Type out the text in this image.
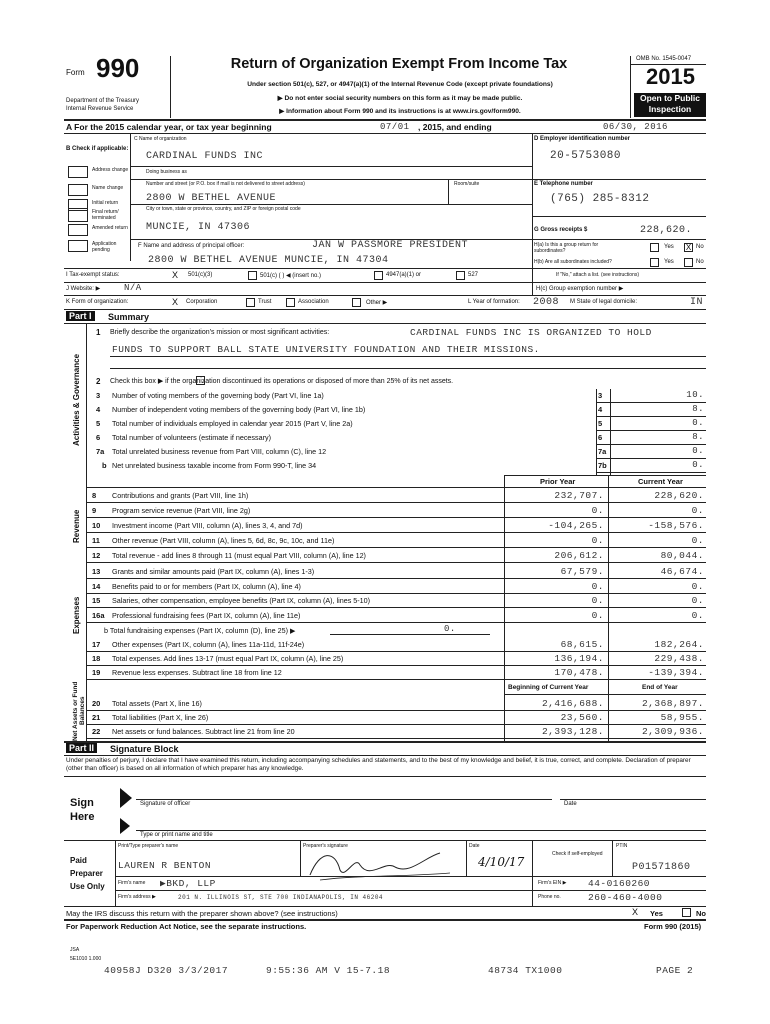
Form 990
Department of the Treasury
Internal Revenue Service
Return of Organization Exempt From Income Tax
Under section 501(c), 527, or 4947(a)(1) of the Internal Revenue Code (except private foundations)
▶ Do not enter social security numbers on this form as it may be made public.
▶ Information about Form 990 and its instructions is at www.irs.gov/form990.
OMB No. 1545-0047
2015
Open to Public
Inspection
A For the 2015 calendar year, or tax year beginning	07/01 , 2015, and ending	06/30, 2016
B Check if applicable:
Address change
Name change
Initial return
Final return/ terminated
Amended return
Application pending
C Name of organization
CARDINAL FUNDS INC
Doing business as
Number and street (or P.O. box if mail is not delivered to street address)	Room/suite
2800 W BETHEL AVENUE
City or town, state or province, country, and ZIP or foreign postal code
MUNCIE, IN 47306
D Employer identification number
20-5753080
E Telephone number
(765) 285-8312
G Gross receipts $	228,620.
F Name and address of principal officer:	JAN W PASSMORE PRESIDENT
2800 W BETHEL AVENUE MUNCIE, IN 47304
H(a) Is this a group return for subordinates?
Yes X No
H(b) Are all subordinates included?	Yes	No
I Tax-exempt status:	X 501(c)(3)	501(c) ( ) ◀ (insert no.)	4947(a)(1) or	527	If "No," attach a list. (see instructions)
J Website: ▶	N/A	H(c) Group exemption number ▶
K Form of organization:	X Corporation	Trust	Association	Other ▶	L Year of formation: 2008 M State of legal domicile:	IN
Part I	Summary
Activities & Governance
Revenue
Expenses
Net Assets or Fund Balances
1 Briefly describe the organization's mission or most significant activities:	CARDINAL FUNDS INC IS ORGANIZED TO HOLD
FUNDS TO SUPPORT BALL STATE UNIVERSITY FOUNDATION AND THEIR MISSIONS.
2 Check this box ▶ if the organization discontinued its operations or disposed of more than 25% of its net assets.
3 Number of voting members of the governing body (Part VI, line 1a)	3	10.
4 Number of independent voting members of the governing body (Part VI, line 1b)	4	8.
5 Total number of individuals employed in calendar year 2015 (Part V, line 2a)	5	0.
6 Total number of volunteers (estimate if necessary)	6	8.
7a Total unrelated business revenue from Part VIII, column (C), line 12	7a	0.
b Net unrelated business taxable income from Form 990-T, line 34	7b	0.
Prior Year	Current Year
8 Contributions and grants (Part VIII, line 1h)	232,707.	228,620.
9 Program service revenue (Part VIII, line 2g)	0.	0.
10 Investment income (Part VIII, column (A), lines 3, 4, and 7d)	-104,265.	-158,576.
11 Other revenue (Part VIII, column (A), lines 5, 6d, 8c, 9c, 10c, and 11e)	0.	0.
12 Total revenue - add lines 8 through 11 (must equal Part VIII, column (A), line 12)	206,612.	80,044.
13 Grants and similar amounts paid (Part IX, column (A), lines 1-3)	67,579.	46,674.
14 Benefits paid to or for members (Part IX, column (A), line 4)	0.	0.
15 Salaries, other compensation, employee benefits (Part IX, column (A), lines 5-10)	0.	0.
16a Professional fundraising fees (Part IX, column (A), line 11e)	0.	0.
b Total fundraising expenses (Part IX, column (D), line 25) ▶	0.
17 Other expenses (Part IX, column (A), lines 11a-11d, 11f-24e)	68,615.	182,264.
18 Total expenses. Add lines 13-17 (must equal Part IX, column (A), line 25)	136,194.	229,438.
19 Revenue less expenses. Subtract line 18 from line 12	170,478.	-139,394.
Beginning of Current Year	End of Year
20 Total assets (Part X, line 16)	2,416,688.	2,368,897.
21 Total liabilities (Part X, line 26)	23,560.	58,955.
22 Net assets or fund balances. Subtract line 21 from line 20	2,393,128.	2,309,936.
Part II	Signature Block
Under penalties of perjury, I declare that I have examined this return, including accompanying schedules and statements, and to the best of my knowledge and belief, it is true, correct, and complete. Declaration of preparer (other than officer) is based on all information of which preparer has any knowledge.
Sign
Here
Signature of officer	Date
Type or print name and title
Paid
Preparer
Use Only
Print/Type preparer's name	Preparer's signature	Date
Check if self-employed
PTIN
LAUREN R BENTON	4/10/17	P01571860
Firm's name ▶BKD, LLP	Firm's EIN ▶ 44-0160260
Firm's address ▶	201 N. ILLINOIS ST, STE 700 INDIANAPOLIS, IN 46204	Phone no.	260-460-4000
May the IRS discuss this return with the preparer shown above? (see instructions)	X Yes	No
For Paperwork Reduction Act Notice, see the separate instructions.	Form 990 (2015)
JSA
5E1010 1.000
40958J D320 3/3/2017	9:55:36 AM V 15-7.18	48734 TX1000	PAGE 2
